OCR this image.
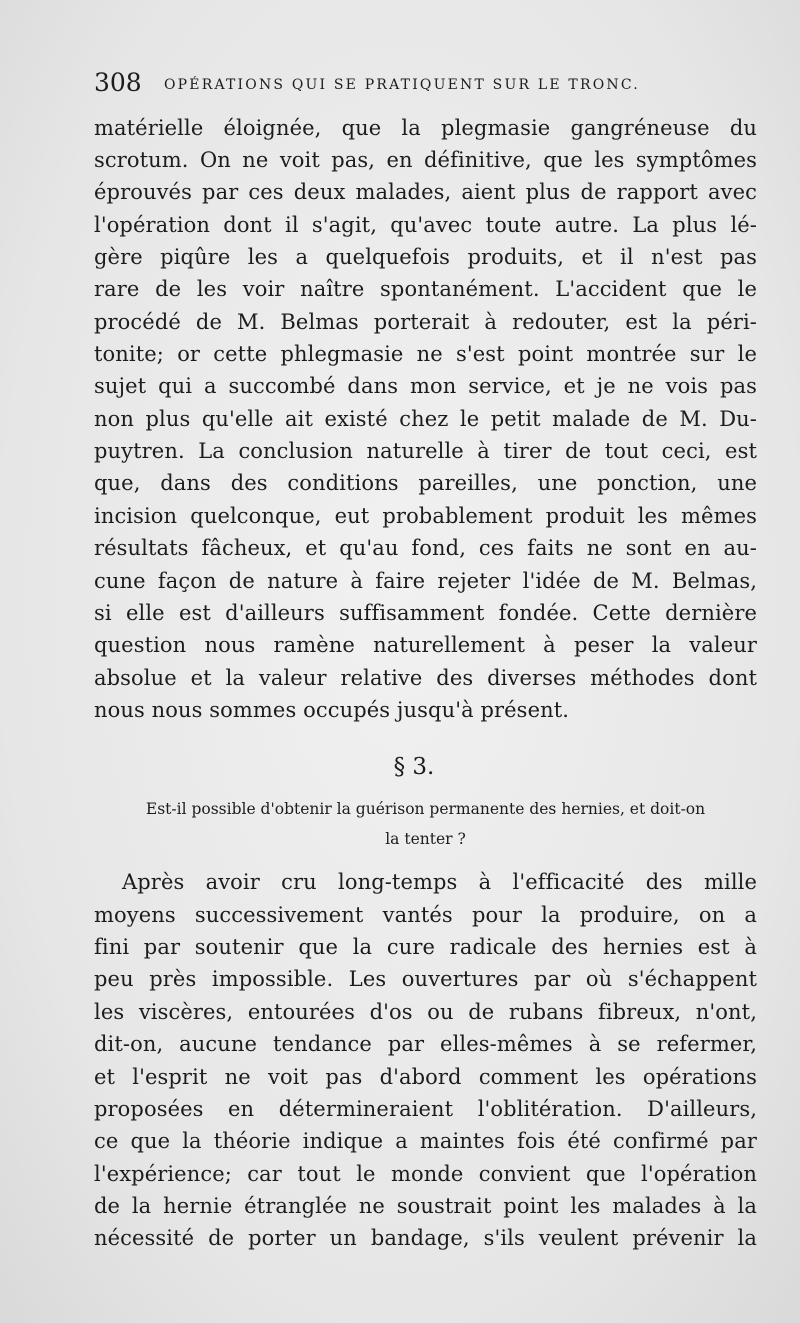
308 OPÉRATIONS QUI SE PRATIQUENT SUR LE TRONC.
matérielle éloignée, que la plegmasie gangréneuse du
scrotum. On ne voit pas, en définitive, que les symptômes
éprouvés par ces deux malades, aient plus de rapport avec
l'opération dont il s'agit, qu'avec toute autre. La plus lé-
gère piqûre les a quelquefois produits, et il n'est pas
rare de les voir naître spontanément. L'accident que le
procédé de M. Belmas porterait à redouter, est la péri-
tonite; or cette phlegmasie ne s'est point montrée sur le
sujet qui a succombé dans mon service, et je ne vois pas
non plus qu'elle ait existé chez le petit malade de M. Du-
puytren. La conclusion naturelle à tirer de tout ceci, est
que, dans des conditions pareilles, une ponction, une
incision quelconque, eut probablement produit les mêmes
résultats fâcheux, et qu'au fond, ces faits ne sont en au-
cune façon de nature à faire rejeter l'idée de M. Belmas,
si elle est d'ailleurs suffisamment fondée. Cette dernière
question nous ramène naturellement à peser la valeur
absolue et la valeur relative des diverses méthodes dont
nous nous sommes occupés jusqu'à présent.
§ 3.
Est-il possible d'obtenir la guérison permanente des hernies, et doit-on
la tenter ?
Après avoir cru long-temps à l'efficacité des mille
moyens successivement vantés pour la produire, on a
fini par soutenir que la cure radicale des hernies est à
peu près impossible. Les ouvertures par où s'échappent
les viscères, entourées d'os ou de rubans fibreux, n'ont,
dit-on, aucune tendance par elles-mêmes à se refermer,
et l'esprit ne voit pas d'abord comment les opérations
proposées en détermineraient l'oblitération. D'ailleurs,
ce que la théorie indique a maintes fois été confirmé par
l'expérience; car tout le monde convient que l'opération
de la hernie étranglée ne soustrait point les malades à la
nécessité de porter un bandage, s'ils veulent prévenir la
